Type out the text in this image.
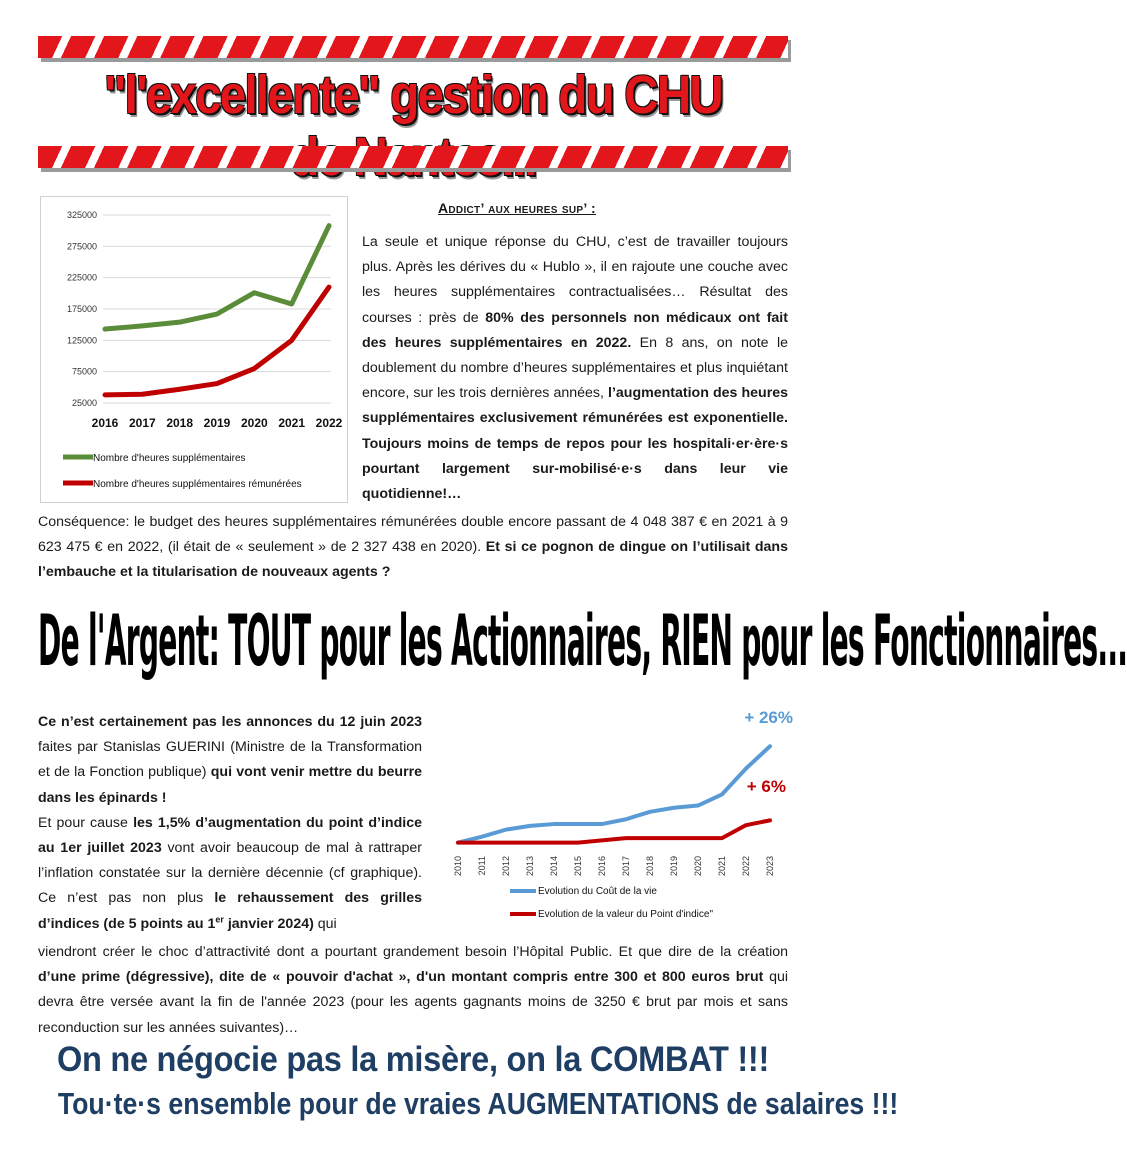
"l'excellente" gestion du CHU
325000
275000
225000
175000
125000
75000
25000
2016 2017 2018 2019 2020 2021 2022
Nombre d'heures supplémentaires
Nombre d'heures supplémentaires rémunérées
Addict’ aux heures sup’ :

La seule et unique réponse du CHU, c’est de travailler toujours plus. Après les dérives du « Hublo », il en rajoute une couche avec les heures supplémentaires contractualisées… Résultat des courses : près de 80% des personnels non médicaux ont fait des heures supplémentaires en 2022. En 8 ans, on note le doublement du nombre d’heures supplémentaires et plus inquiétant encore, sur les trois dernières années, l’augmentation des heures supplémentaires exclusivement rémunérées est exponentielle. Toujours moins de temps de repos pour les hospitali·er·ère·s pourtant largement sur-mobilisé·e·s dans leur vie quotidienne!…

Conséquence: le budget des heures supplémentaires rémunérées double encore passant de 4 048 387 € en 2021 à 9 623 475 € en 2022, (il était de « seulement » de 2 327 438 en 2020). Et si ce pognon de dingue on l’utilisait dans l’embauche et la titularisation de nouveaux agents ?

De l'Argent: TOUT pour les Actionnaires, RIEN pour les Fonctionnaires...

Ce n’est certainement pas les annonces du 12 juin 2023 faites par Stanislas GUERINI (Ministre de la Transformation et de la Fonction publique) qui vont venir mettre du beurre dans les épinards !
Et pour cause les 1,5% d’augmentation du point d’indice au 1er juillet 2023 vont avoir beaucoup de mal à rattraper l’inflation constatée sur la dernière décennie (cf graphique). Ce n’est pas non plus le rehaussement des grilles d’indices (de 5 points au 1er janvier 2024) qui

viendront créer le choc d’attractivité dont a pourtant grandement besoin l’Hôpital Public. Et que dire de la création d’une prime (dégressive), dite de « pouvoir d'achat », d'un montant compris entre 300 et 800 euros brut qui devra être versée avant la fin de l'année 2023 (pour les agents gagnants moins de 3250 € brut par mois et sans reconduction sur les années suivantes)…

2010 2011 2012 2013 2014 2015 2016 2017 2018 2019 2020 2021 2022 2023
Evolution du Coût de la vie
Evolution de la valeur du Point d'indice"
+ 26%
+ 6%
On ne négocie pas la misère, on la COMBAT !!!
Tou·te·s ensemble pour de vraies AUGMENTATIONS de salaires !!!
